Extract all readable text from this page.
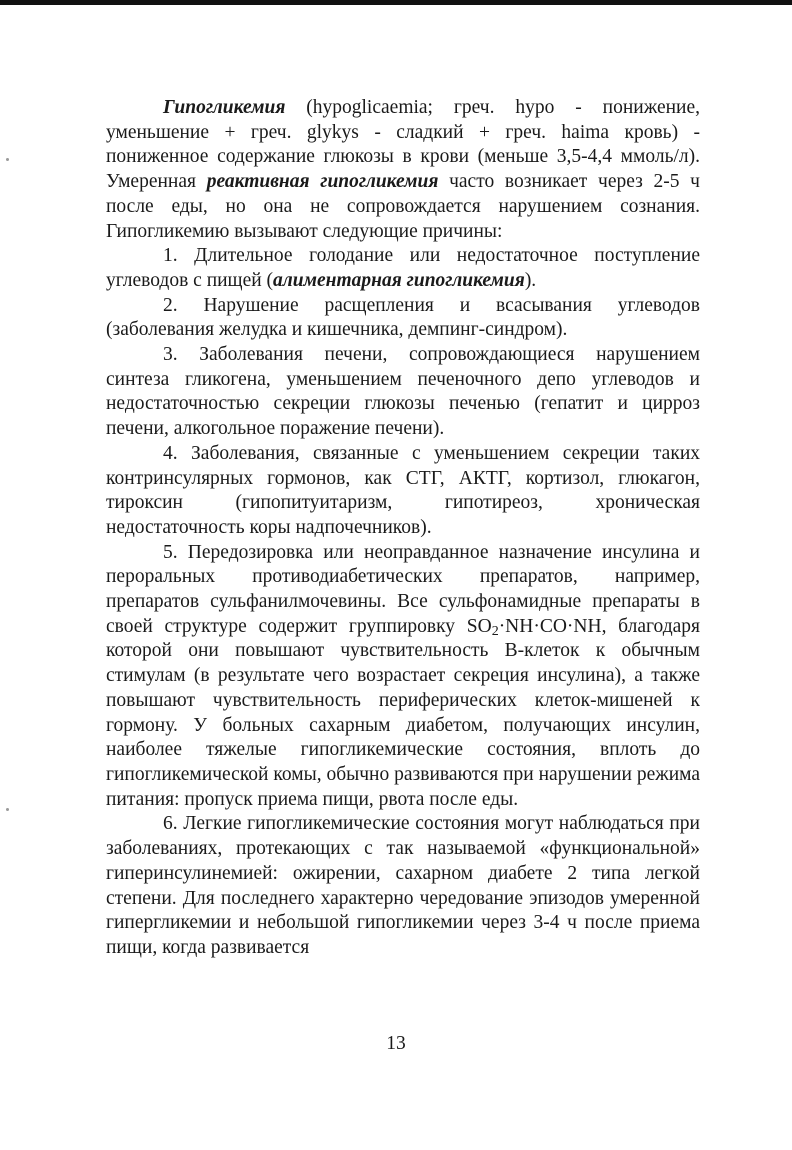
Гипогликемия (hypoglicaemia; греч. hypo - понижение, уменьшение + греч. glykys - сладкий + греч. haima кровь) - пониженное содержание глюкозы в крови (меньше 3,5-4,4 ммоль/л). Умеренная реактивная гипогликемия часто возникает через 2-5 ч после еды, но она не сопровождается нарушением сознания. Гипогликемию вызывают следующие причины:

1. Длительное голодание или недостаточное поступление углеводов с пищей (алиментарная гипогликемия).

2. Нарушение расщепления и всасывания углеводов (заболевания желудка и кишечника, демпинг-синдром).

3. Заболевания печени, сопровождающиеся нарушением синтеза гликогена, уменьшением печеночного депо углеводов и недостаточностью секреции глюкозы печенью (гепатит и цирроз печени, алкогольное поражение печени).

4. Заболевания, связанные с уменьшением секреции таких контринсулярных гормонов, как СТГ, АКТГ, кортизол, глюкагон, тироксин (гипопитуитаризм, гипотиреоз, хроническая недостаточность коры надпочечников).

5. Передозировка или неоправданное назначение инсулина и пероральных противодиабетических препаратов, например, препаратов сульфанилмочевины. Все сульфонамидные препараты в своей структуре содержит группировку $SO_2\cdot NH\cdot CO\cdot NH$, благодаря которой они повышают чувствительность В-клеток к обычным стимулам (в результате чего возрастает секреция инсулина), а также повышают чувствительность периферических клеток-мишеней к гормону. У больных сахарным диабетом, получающих инсулин, наиболее тяжелые гипогликемические состояния, вплоть до гипогликемической комы, обычно развиваются при нарушении режима питания: пропуск приема пищи, рвота после еды.

6. Легкие гипогликемические состояния могут наблюдаться при заболеваниях, протекающих с так называемой «функциональной» гиперинсулинемией: ожирении, сахарном диабете 2 типа легкой степени. Для последнего характерно чередование эпизодов умеренной гипергликемии и небольшой гипогликемии через 3-4 ч после приема пищи, когда развивается

13
